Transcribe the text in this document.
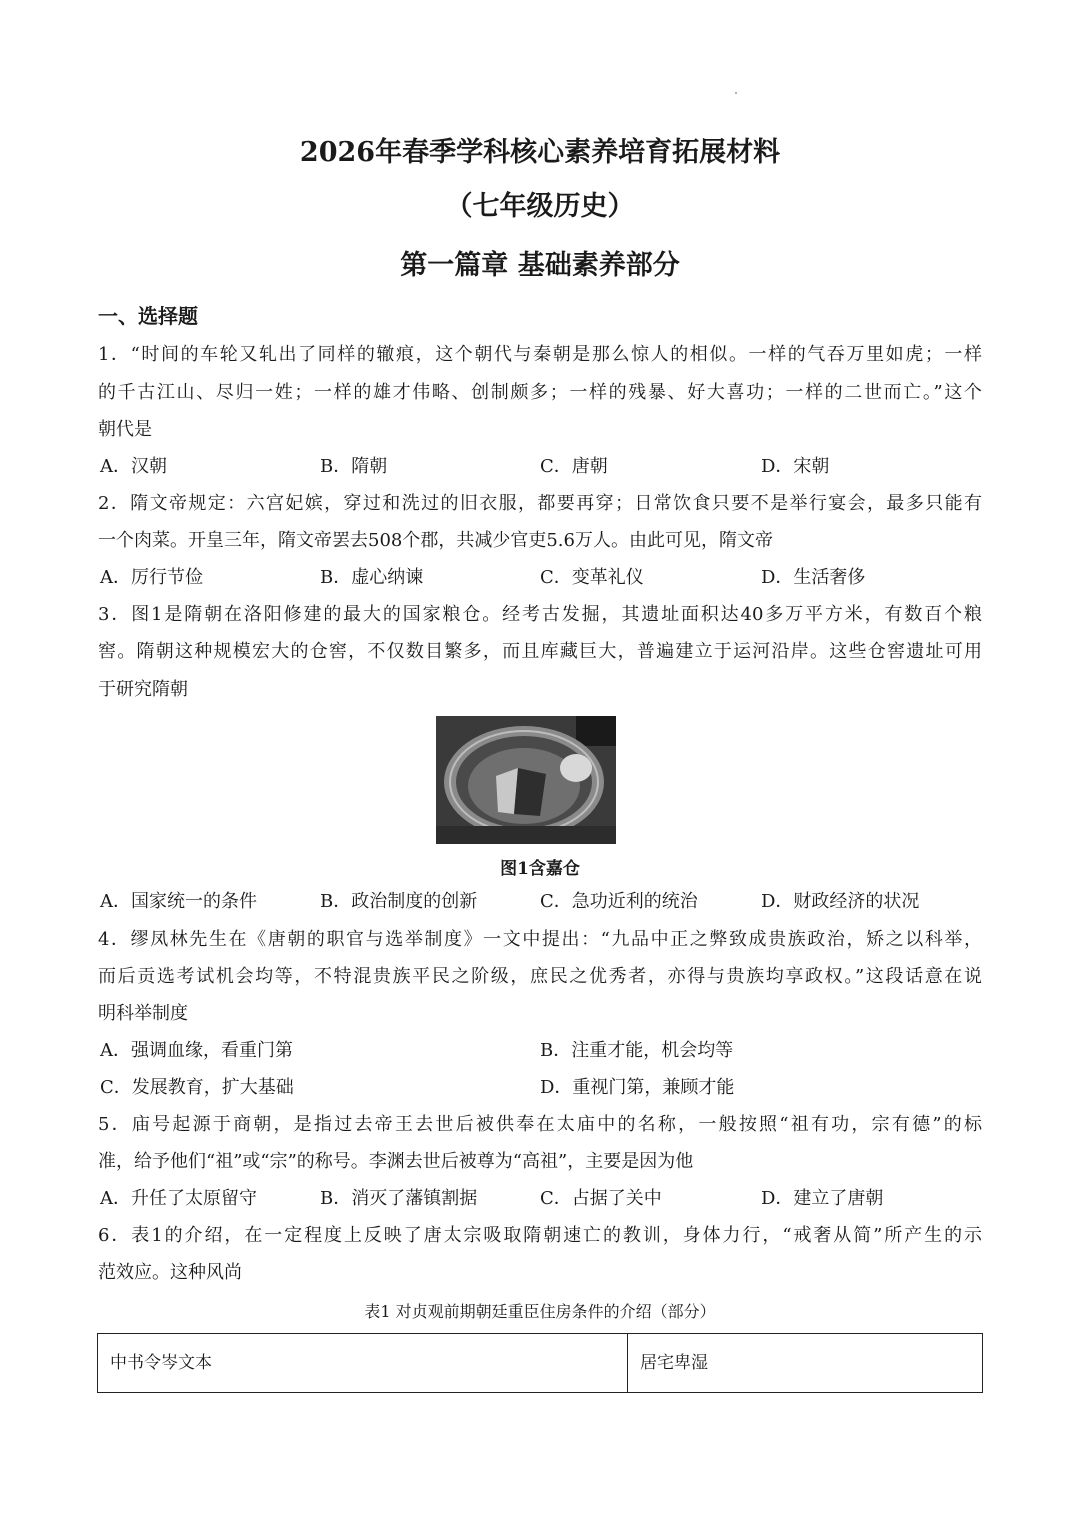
2026年春季学科核心素养培育拓展材料
（七年级历史）
第一篇章 基础素养部分
一、选择题
1．“时间的车轮又轧出了同样的辙痕，这个朝代与秦朝是那么惊人的相似。一样的气吞万里如虎；一样
的千古江山、尽归一姓；一样的雄才伟略、创制颇多；一样的残暴、好大喜功；一样的二世而亡。”这个
朝代是
A．汉朝	B．隋朝	C．唐朝	D．宋朝
2．隋文帝规定：六宫妃嫔，穿过和洗过的旧衣服，都要再穿；日常饮食只要不是举行宴会，最多只能有
一个肉菜。开皇三年，隋文帝罢去508个郡，共减少官吏5.6万人。由此可见，隋文帝
A．厉行节俭	B．虚心纳谏	C．变革礼仪	D．生活奢侈
3．图1是隋朝在洛阳修建的最大的国家粮仓。经考古发掘，其遗址面积达40多万平方米，有数百个粮
窖。隋朝这种规模宏大的仓窖，不仅数目繁多，而且库藏巨大，普遍建立于运河沿岸。这些仓窖遗址可用
于研究隋朝
图1含嘉仓
A．国家统一的条件	B．政治制度的创新	C．急功近利的统治	D．财政经济的状况
4．缪凤林先生在《唐朝的职官与选举制度》一文中提出：“九品中正之弊致成贵族政治，矫之以科举，
而后贡选考试机会均等，不特混贵族平民之阶级，庶民之优秀者，亦得与贵族均享政权。”这段话意在说
明科举制度
A．强调血缘，看重门第	B．注重才能，机会均等
C．发展教育，扩大基础	D．重视门第，兼顾才能
5．庙号起源于商朝，是指过去帝王去世后被供奉在太庙中的名称，一般按照“祖有功，宗有德”的标
准，给予他们“祖”或“宗”的称号。李渊去世后被尊为“高祖”，主要是因为他
A．升任了太原留守	B．消灭了藩镇割据	C．占据了关中	D．建立了唐朝
6．表1的介绍，在一定程度上反映了唐太宗吸取隋朝速亡的教训，身体力行，“戒奢从简”所产生的示
范效应。这种风尚
表1 对贞观前期朝廷重臣住房条件的介绍（部分）
中书令岑文本	居宅卑湿
